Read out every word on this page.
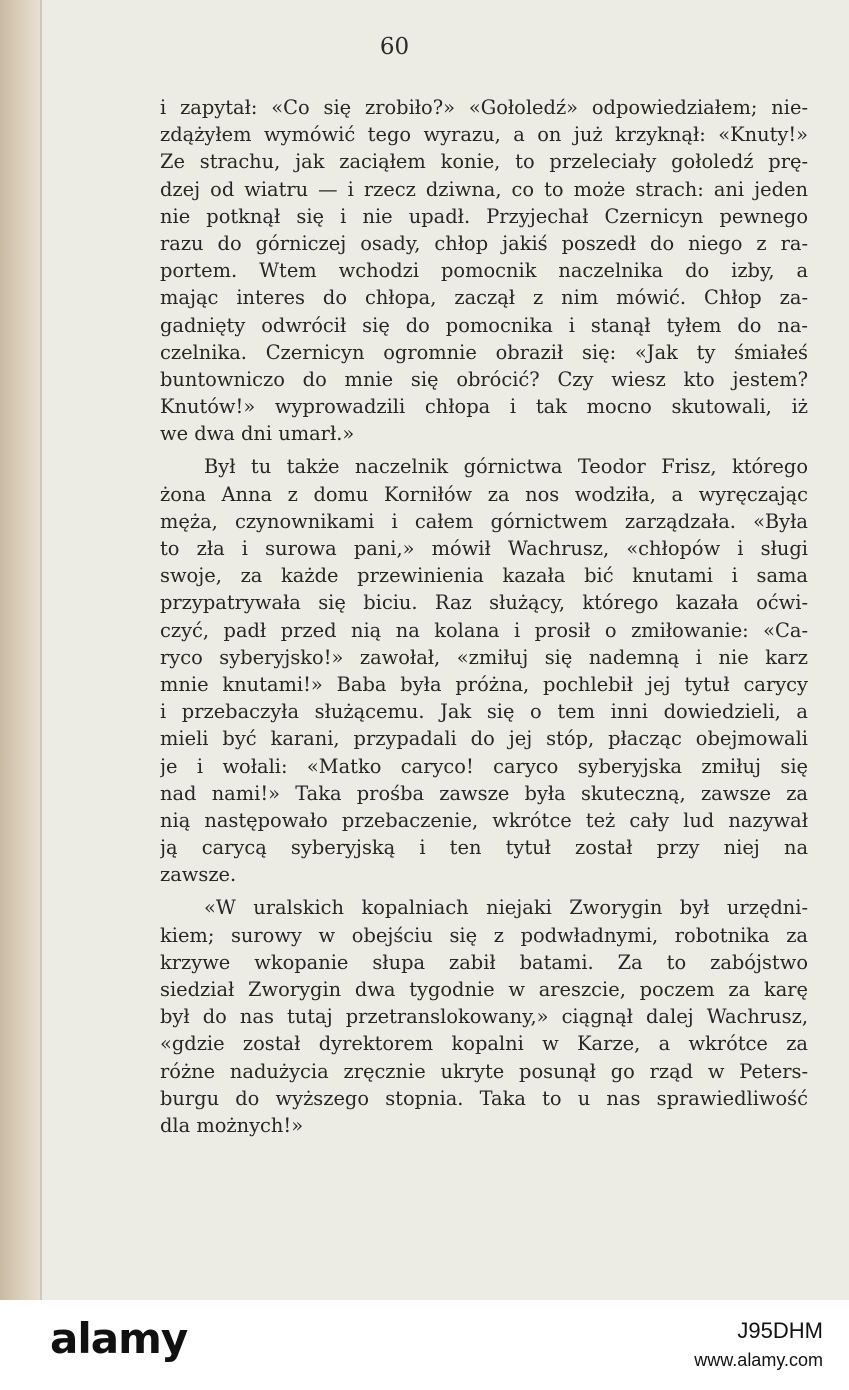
60
i zapytał: «Co się zrobiło?» «Gołoledź» odpowiedziałem; nie-
zdążyłem wymówić tego wyrazu, a on już krzyknął: «Knuty!»
Ze strachu, jak zaciąłem konie, to przeleciały gołoledź prę-
dzej od wiatru — i rzecz dziwna, co to może strach: ani jeden
nie potknął się i nie upadł. Przyjechał Czernicyn pewnego
razu do górniczej osady, chłop jakiś poszedł do niego z ra-
portem. Wtem wchodzi pomocnik naczelnika do izby, a
mając interes do chłopa, zaczął z nim mówić. Chłop za-
gadnięty odwrócił się do pomocnika i stanął tyłem do na-
czelnika. Czernicyn ogromnie obraził się: «Jak ty śmiałeś
buntowniczo do mnie się obrócić? Czy wiesz kto jestem?
Knutów!» wyprowadzili chłopa i tak mocno skutowali, iż
we dwa dni umarł.»
Był tu także naczelnik górnictwa Teodor Frisz, którego
żona Anna z domu Korniłów za nos wodziła, a wyręczając
męża, czynownikami i całem górnictwem zarządzała. «Była
to zła i surowa pani,» mówił Wachrusz, «chłopów i sługi
swoje, za każde przewinienia kazała bić knutami i sama
przypatrywała się biciu. Raz służący, którego kazała oćwi-
czyć, padł przed nią na kolana i prosił o zmiłowanie: «Ca-
ryco syberyjsko!» zawołał, «zmiłuj się nademną i nie karz
mnie knutami!» Baba była próżna, pochlebił jej tytuł carycy
i przebaczyła służącemu. Jak się o tem inni dowiedzieli, a
mieli być karani, przypadali do jej stóp, płacząc obejmowali
je i wołali: «Matko caryco! caryco syberyjska zmiłuj się
nad nami!» Taka prośba zawsze była skuteczną, zawsze za
nią następowało przebaczenie, wkrótce też cały lud nazywał
ją carycą syberyjską i ten tytuł został przy niej na
zawsze.
«W uralskich kopalniach niejaki Zworygin był urzędni-
kiem; surowy w obejściu się z podwładnymi, robotnika za
krzywe wkopanie słupa zabił batami. Za to zabójstwo
siedział Zworygin dwa tygodnie w areszcie, poczem za karę
był do nas tutaj przetranslokowany,» ciągnął dalej Wachrusz,
«gdzie został dyrektorem kopalni w Karze, a wkrótce za
różne nadużycia zręcznie ukryte posunął go rząd w Peters-
burgu do wyższego stopnia. Taka to u nas sprawiedliwość
dla możnych!»
alamy	J95DHM
www.alamy.com
